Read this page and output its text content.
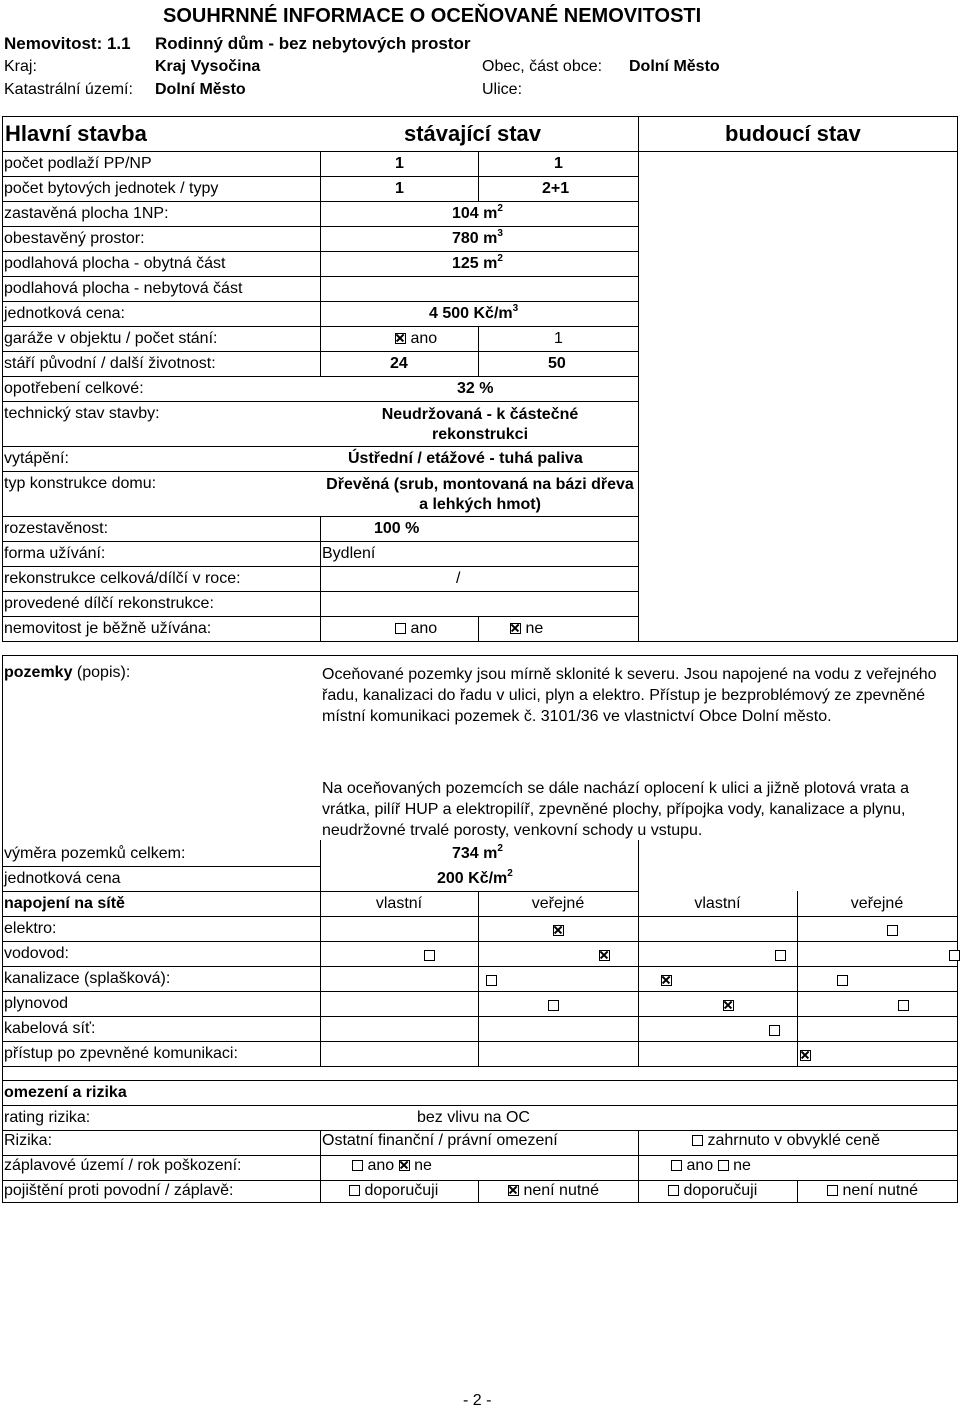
SOUHRNNÉ INFORMACE O OCEŇOVANÉ NEMOVITOSTI
Nemovitost: 1.1 Rodinný dům - bez nebytových prostor
Kraj:	Kraj Vysočina	Obec, část obce: Dolní Město
Katastrální území: Dolní Město	Ulice:
Hlavní stavba	stávající stav	budoucí stav
počet podlaží PP/NP	1	1
počet bytových jednotek / typy	1	2+1
zastavěná plocha 1NP:	104 $m^2$
obestavěný prostor:	780 $m^3$
podlahová plocha - obytná část	125 $m^2$
podlahová plocha - nebytová část
jednotková cena:	4 500 $Kč/m^3$
garáže v objektu / počet stání:	ano	1
stáří původní / další životnost:	24	50
opotřebení celkové:	32 %
technický stav stavby:	Neudržovaná - k částečné rekonstrukci
vytápění:	Ústřední / etážové - tuhá paliva
typ konstrukce domu:	Dřevěná (srub, montovaná na bázi dřeva a lehkých hmot)
rozestavěnost:	100 %
forma užívání:	Bydlení
rekonstrukce celková/dílčí v roce:	/
provedené dílčí rekonstrukce:
nemovitost je běžně užívána:	ano	ne
pozemky (popis):	Oceňované pozemky jsou mírně sklonité k severu. Jsou napojené na vodu z veřejného řadu, kanalizaci do řadu v ulici, plyn a elektro. Přístup je bezproblémový ze zpevněné místní komunikaci pozemek č. 3101/36 ve vlastnictví Obce Dolní město.
Na oceňovaných pozemcích se dále nachází oplocení k ulici a jižně plotová vrata a vrátka, pilíř HUP a elektropilíř, zpevněné plochy, přípojka vody, kanalizace a plynu, neudržovné trvalé porosty, venkovní schody u vstupu.
výměra pozemků celkem:	734 $m^2$
jednotková cena	200 $Kč/m^2$
napojení na sítě	vlastní	veřejné	vlastní	veřejné
elektro:
vodovod:
kanalizace (splašková):
plynovod
kabelová síť:
přístup po zpevněné komunikaci:

omezení a rizika
rating rizika:	bez vlivu na OC
Rizika:	Ostatní finanční / právní omezení	zahrnuto v obvyklé ceně
záplavové území / rok poškození:	ano ne	ano ne
pojištění proti povodní / záplavě:	doporučuji	není nutné	doporučuji	není nutné
- 2 -
